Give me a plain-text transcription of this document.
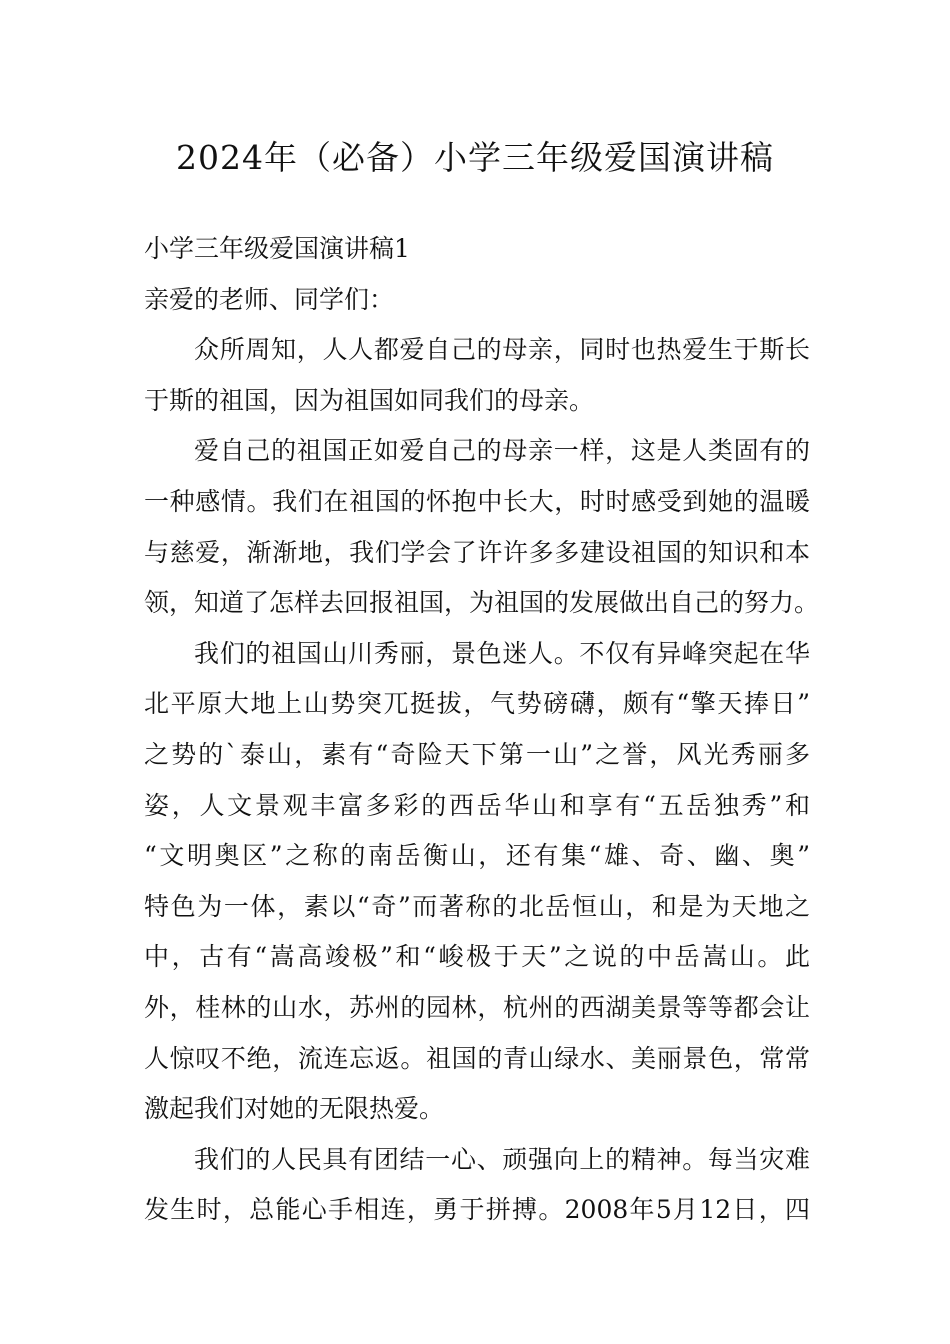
2024年（必备）小学三年级爱国演讲稿
小学三年级爱国演讲稿1
亲爱的老师、同学们：
众所周知，人人都爱自己的母亲，同时也热爱生于斯长
于斯的祖国，因为祖国如同我们的母亲。
爱自己的祖国正如爱自己的母亲一样，这是人类固有的
一种感情。我们在祖国的怀抱中长大，时时感受到她的温暖
与慈爱，渐渐地，我们学会了许许多多建设祖国的知识和本
领，知道了怎样去回报祖国，为祖国的发展做出自己的努力。
我们的祖国山川秀丽，景色迷人。不仅有异峰突起在华
北平原大地上山势突兀挺拔，气势磅礴，颇有“擎天捧日”
之势的`泰山，素有“奇险天下第一山”之誉，风光秀丽多
姿，人文景观丰富多彩的西岳华山和享有“五岳独秀”和
“文明奥区”之称的南岳衡山，还有集“雄、奇、幽、奥”
特色为一体，素以“奇”而著称的北岳恒山，和是为天地之
中，古有“嵩高竣极”和“峻极于天”之说的中岳嵩山。此
外，桂林的山水，苏州的园林，杭州的西湖美景等等都会让
人惊叹不绝，流连忘返。祖国的青山绿水、美丽景色，常常
激起我们对她的无限热爱。
我们的人民具有团结一心、顽强向上的精神。每当灾难
发生时，总能心手相连，勇于拼搏。2008年5月12日，四
